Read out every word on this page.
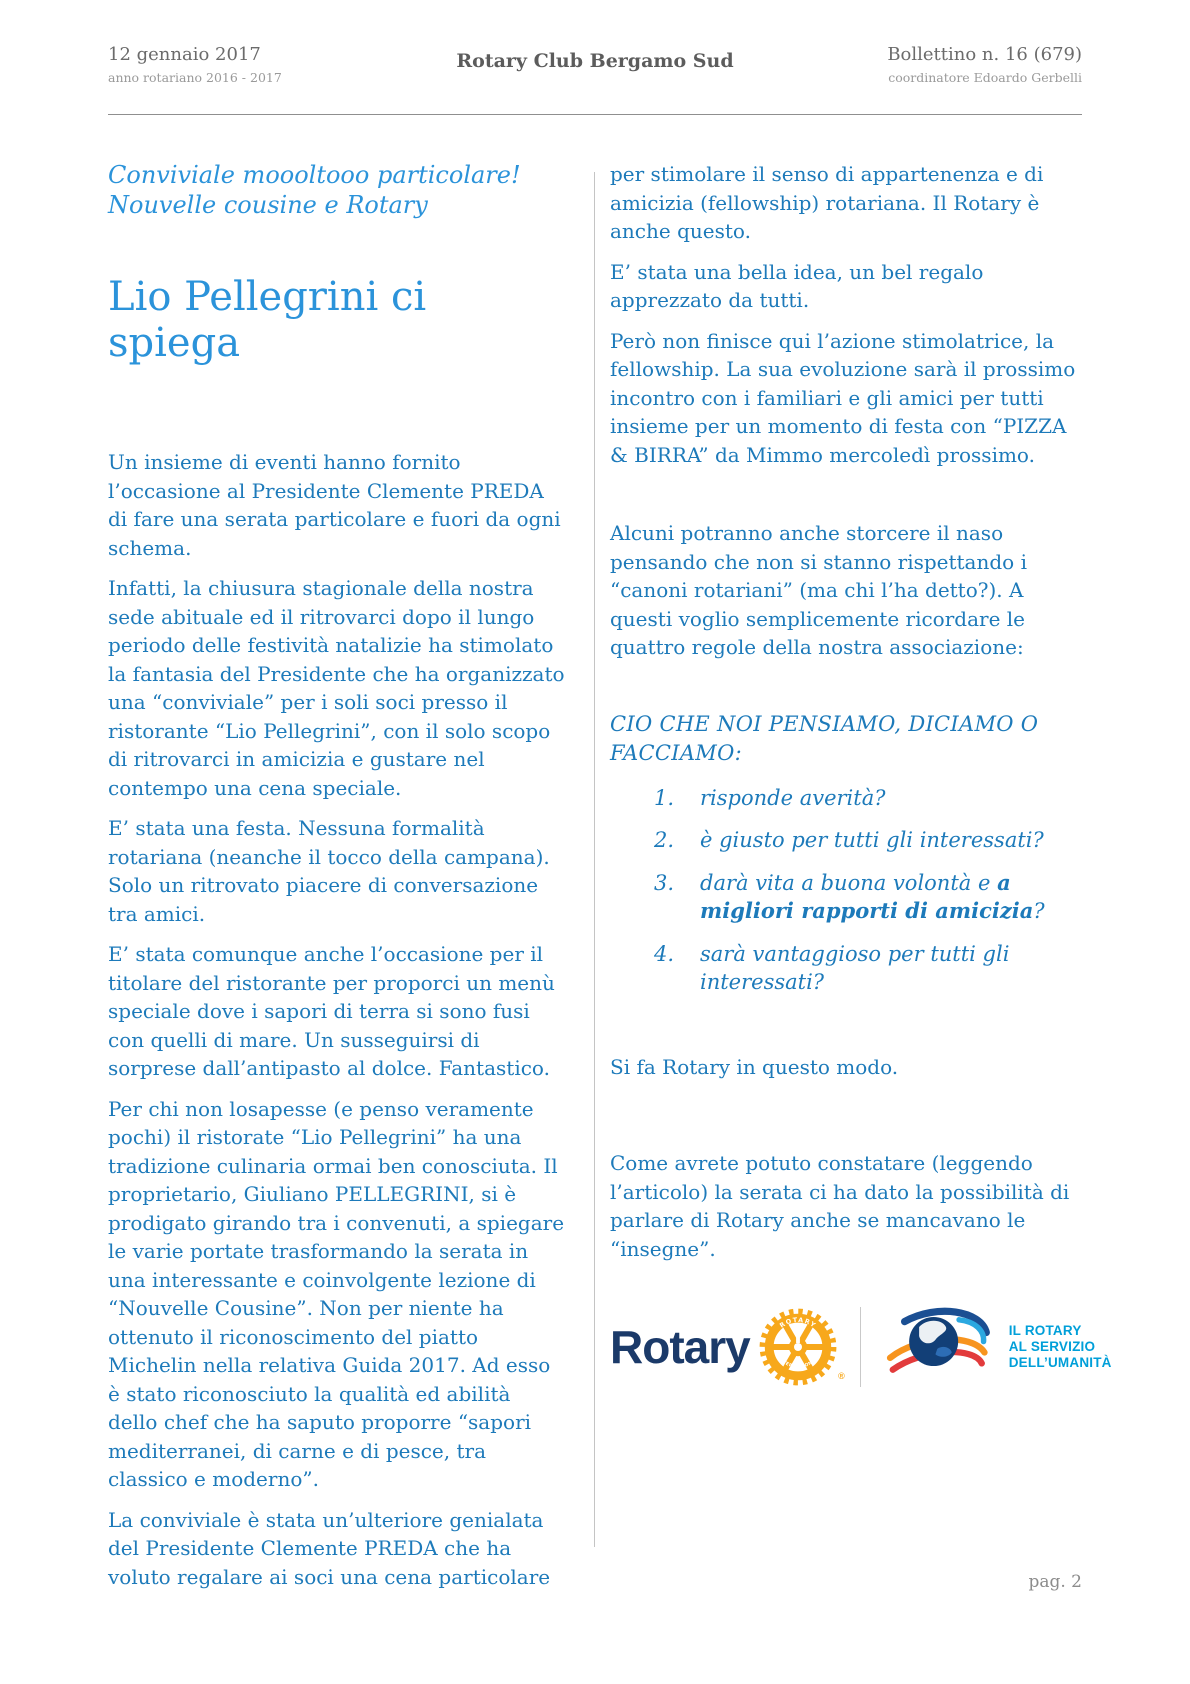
12 gennaio 2017
anno rotariano 2016 - 2017
Rotary Club Bergamo Sud	Bollettino n. 16 (679)
coordinatore Edoardo Gerbelli
Conviviale moooltooo particolare!
Nouvelle cousine e Rotary
Lio Pellegrini ci spiega

Un insieme di eventi hanno fornito l’occasione al Presidente Clemente PREDA di fare una serata particolare e fuori da ogni schema.

Infatti, la chiusura stagionale della nostra sede abituale ed il ritrovarci dopo il lungo periodo delle festività natalizie ha stimolato la fantasia del Presidente che ha organizzato una “conviviale” per i soli soci presso il ristorante “Lio Pellegrini”, con il solo scopo di ritrovarci in amicizia e gustare nel contempo una cena speciale.

E’ stata una festa. Nessuna formalità rotariana (neanche il tocco della campana). Solo un ritrovato piacere di conversazione tra amici.

E’ stata comunque anche l’occasione per il titolare del ristorante per proporci un menù speciale dove i sapori di terra si sono fusi con quelli di mare. Un susseguirsi di sorprese dall’antipasto al dolce. Fantastico.

Per chi non losapesse (e penso veramente pochi) il ristorate “Lio Pellegrini” ha una tradizione culinaria ormai ben conosciuta. Il proprietario, Giuliano PELLEGRINI, si è prodigato girando tra i convenuti, a spiegare le varie portate trasformando la serata in una interessante e coinvolgente lezione di “Nouvelle Cousine”. Non per niente ha ottenuto il riconoscimento del piatto Michelin nella relativa Guida 2017. Ad esso è stato riconosciuto la qualità ed abilità dello chef che ha saputo proporre “sapori mediterranei, di carne e di pesce, tra classico e moderno”.

La conviviale è stata un’ulteriore genialata del Presidente Clemente PREDA che ha voluto regalare ai soci una cena particolare

per stimolare il senso di appartenenza e di amicizia (fellowship) rotariana. Il Rotary è anche questo.

E’ stata una bella idea, un bel regalo apprezzato da tutti.

Però non finisce qui l’azione stimolatrice, la fellowship. La sua evoluzione sarà il prossimo incontro con i familiari e gli amici per tutti insieme per un momento di festa con “PIZZA & BIRRA” da Mimmo mercoledì prossimo.

Alcuni potranno anche storcere il naso pensando che non si stanno rispettando i “canoni rotariani” (ma chi l’ha detto?). A questi voglio semplicemente ricordare le quattro regole della nostra associazione:

CIO CHE NOI PENSIAMO, DICIAMO O FACCIAMO:
1.	risponde averità?
2.	è giusto per tutti gli interessati?
3.	darà vita a buona volontà e a migliori rapporti di amicizia?
4.	sarà vantaggioso per tutti gli interessati?

Si fa Rotary in questo modo.

Come avrete potuto constatare (leggendo l’articolo) la serata ci ha dato la possibilità di parlare di Rotary anche se mancavano le “insegne”.

Rotary	ROTARY
INTERNATIONAL
®
IL ROTARY
AL SERVIZIO
DELL’UMANITÀ
pag. 2
